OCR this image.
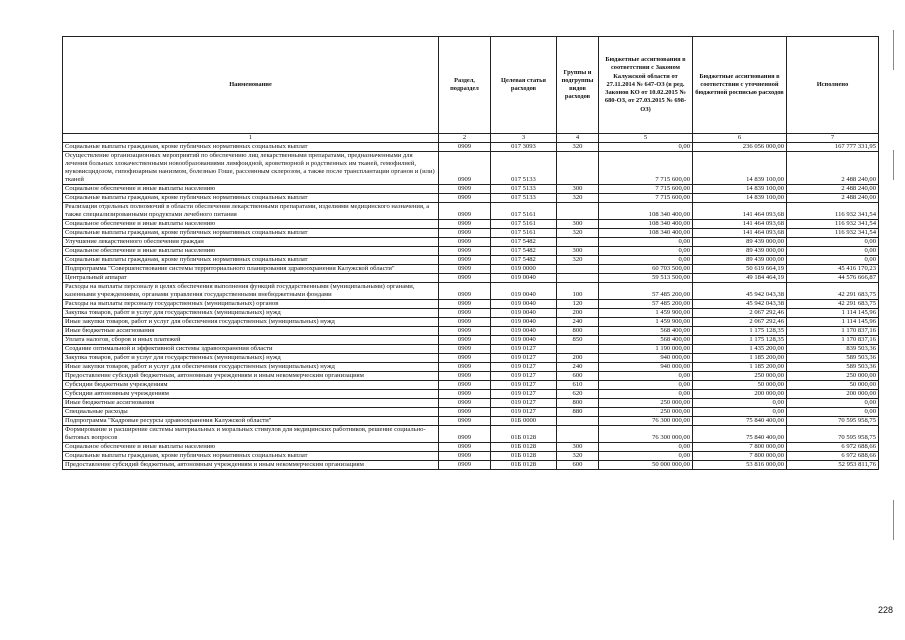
Наименование	Раздел, подраздел	Целевая статья расходов	Группы и подгруппы видов расходов	Бюджетные ассигнования в соответствии с Законом Калужской области от 27.11.2014 № 647-ОЗ (в ред. Законов КО от 10.02.2015 № 680-ОЗ, от 27.03.2015 № 698-ОЗ)	Бюджетные ассигнования в соответствии с уточненной бюджетной росписью расходов	Исполнено
1	2	3	4	5	6	7
Социальные выплаты гражданам, кроме публичных нормативных социальных выплат	0909	017 3093	320	0,00	236 056 000,00	167 777 331,95
Осуществление организационных мероприятий по обеспечению лиц лекарственными препаратами, предназначенными для лечения больных злокачественными новообразованиями лимфоидной, кроветворной и родственных им тканей, гемофилией, муковисцидозом, гипофизарным нанизмом, болезнью Гоше, рассеянным склерозом, а также после трансплантации органов и (или) тканей	0909	017 5133		7 715 600,00	14 839 100,00	2 488 240,00
Социальное обеспечение и иные выплаты населению	0909	017 5133	300	7 715 600,00	14 839 100,00	2 488 240,00
Социальные выплаты гражданам, кроме публичных нормативных социальных выплат	0909	017 5133	320	7 715 600,00	14 839 100,00	2 488 240,00
Реализация отдельных полномочий в области обеспечения лекарственными препаратами, изделиями медицинского назначения, а также специализированными продуктами лечебного питания	0909	017 5161		108 340 400,00	141 464 093,68	116 932 341,54
Социальное обеспечение и иные выплаты населению	0909	017 5161	300	108 340 400,00	141 464 093,68	116 932 341,54
Социальные выплаты гражданам, кроме публичных нормативных социальных выплат	0909	017 5161	320	108 340 400,00	141 464 093,68	116 932 341,54
Улучшение лекарственного обеспечения граждан	0909	017 5482		0,00	89 439 000,00	0,00
Социальное обеспечение и иные выплаты населению	0909	017 5482	300	0,00	89 439 000,00	0,00
Социальные выплаты гражданам, кроме публичных нормативных социальных выплат	0909	017 5482	320	0,00	89 439 000,00	0,00
Подпрограмма "Совершенствование системы территориального планирования здравоохранения Калужской области"	0909	019 0000		60 703 500,00	50 619 664,19	45 416 170,23
Центральный аппарат	0909	019 0040		59 513 500,00	49 184 464,19	44 576 666,87
Расходы на выплаты персоналу в целях обеспечения выполнения функций государственными (муниципальными) органами, казенными учреждениями, органами управления государственными внебюджетными фондами	0909	019 0040	100	57 485 200,00	45 942 043,38	42 291 683,75
Расходы на выплаты персоналу государственных (муниципальных) органов	0909	019 0040	120	57 485 200,00	45 942 043,38	42 291 683,75
Закупка товаров, работ и услуг для государственных (муниципальных) нужд	0909	019 0040	200	1 459 900,00	2 067 292,46	1 114 145,96
Иные закупки товаров, работ и услуг для обеспечения государственных (муниципальных) нужд	0909	019 0040	240	1 459 900,00	2 067 292,46	1 114 145,96
Иные бюджетные ассигнования	0909	019 0040	800	568 400,00	1 175 128,35	1 170 837,16
Уплата налогов, сборов и иных платежей	0909	019 0040	850	568 400,00	1 175 128,35	1 170 837,16
Создание оптимальной и эффективной системы здравоохранения области	0909	019 0127		1 190 000,00	1 435 200,00	839 503,36
Закупка товаров, работ и услуг для государственных (муниципальных) нужд	0909	019 0127	200	940 000,00	1 185 200,00	589 503,36
Иные закупки товаров, работ и услуг для обеспечения государственных (муниципальных) нужд	0909	019 0127	240	940 000,00	1 185 200,00	589 503,36
Предоставление субсидий бюджетным, автономным учреждениям и иным некоммерческим организациям	0909	019 0127	600	0,00	250 000,00	250 000,00
Субсидии бюджетным учреждениям	0909	019 0127	610	0,00	50 000,00	50 000,00
Субсидии автономным учреждениям	0909	019 0127	620	0,00	200 000,00	200 000,00
Иные бюджетные ассигнования	0909	019 0127	800	250 000,00	0,00	0,00
Специальные расходы	0909	019 0127	880	250 000,00	0,00	0,00
Подпрограмма "Кадровые ресурсы здравоохранения Калужской области"	0909	01Б 0000		76 300 000,00	75 840 400,00	70 595 958,75
Формирование и расширение системы материальных и моральных стимулов для медицинских работников, решение социально-бытовых вопросов	0909	01Б 0128		76 300 000,00	75 840 400,00	70 595 958,75
Социальное обеспечение и иные выплаты населению	0909	01Б 0128	300	0,00	7 800 000,00	6 972 688,66
Социальные выплаты гражданам, кроме публичных нормативных социальных выплат	0909	01Б 0128	320	0,00	7 800 000,00	6 972 688,66
Предоставление субсидий бюджетным, автономным учреждениям и иным некоммерческим организациям	0909	01Б 0128	600	50 000 000,00	53 816 000,00	52 953 811,76
228
